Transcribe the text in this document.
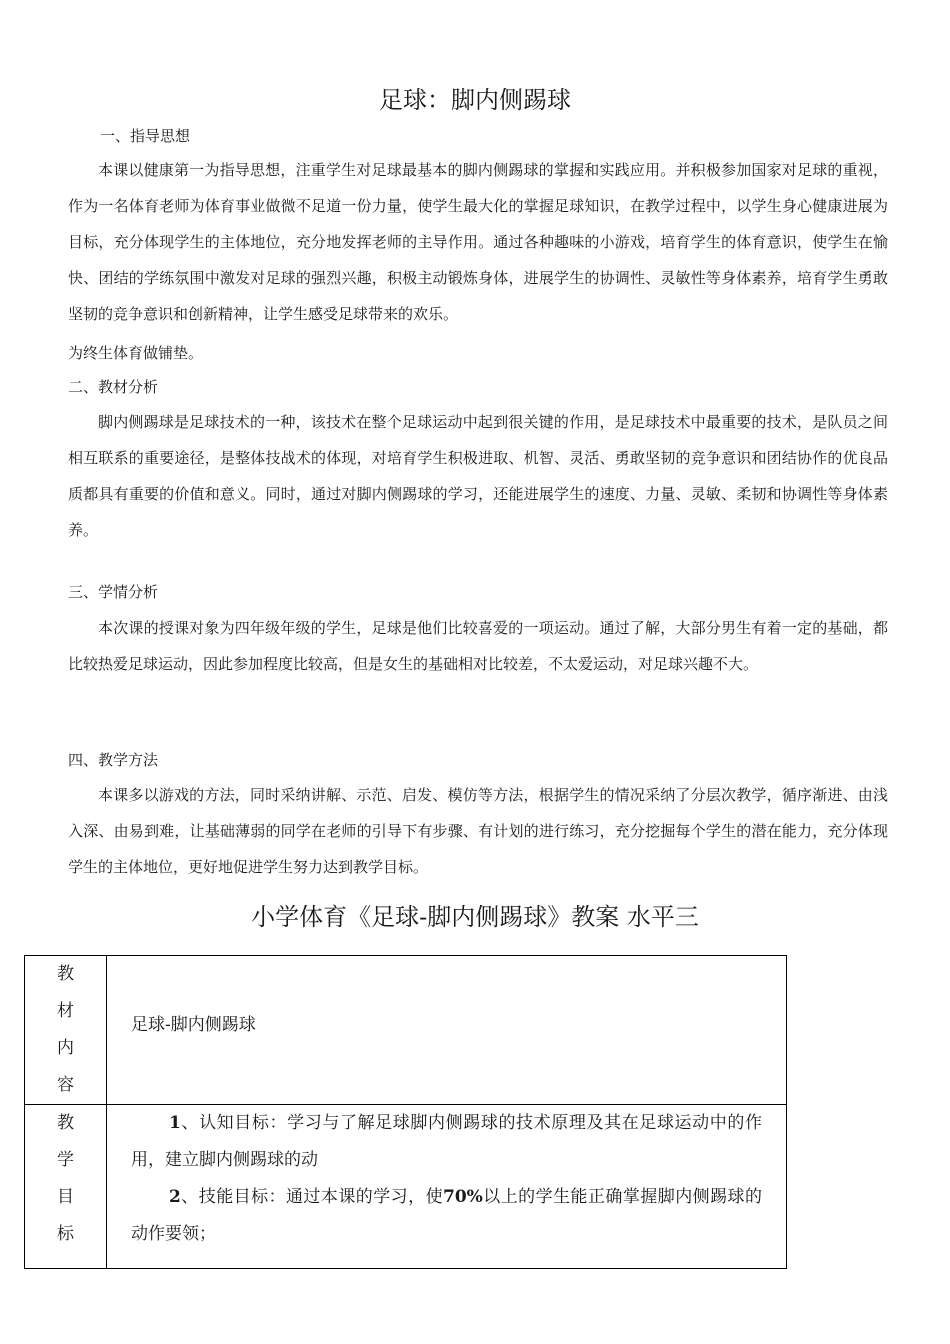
足球：脚内侧踢球
一、指导思想
本课以健康第一为指导思想，注重学生对足球最基本的脚内侧踢球的掌握和实践应用。并积极参加国家对足球的重视，作为一名体育老师为体育事业做微不足道一份力量，使学生最大化的掌握足球知识，在教学过程中，以学生身心健康进展为目标，充分体现学生的主体地位，充分地发挥老师的主导作用。通过各种趣味的小游戏，培育学生的体育意识，使学生在愉快、团结的学练氛围中激发对足球的强烈兴趣，积极主动锻炼身体，进展学生的协调性、灵敏性等身体素养，培育学生勇敢坚韧的竞争意识和创新精神，让学生感受足球带来的欢乐。
为终生体育做铺垫。
二、教材分析
脚内侧踢球是足球技术的一种，该技术在整个足球运动中起到很关键的作用，是足球技术中最重要的技术，是队员之间相互联系的重要途径，是整体技战术的体现，对培育学生积极进取、机智、灵活、勇敢坚韧的竞争意识和团结协作的优良品质都具有重要的价值和意义。同时，通过对脚内侧踢球的学习，还能进展学生的速度、力量、灵敏、柔韧和协调性等身体素养。
三、学情分析
本次课的授课对象为四年级年级的学生，足球是他们比较喜爱的一项运动。通过了解，大部分男生有着一定的基础，都比较热爱足球运动，因此参加程度比较高，但是女生的基础相对比较差，不太爱运动，对足球兴趣不大。
四、教学方法
本课多以游戏的方法，同时采纳讲解、示范、启发、模仿等方法，根据学生的情况采纳了分层次教学，循序渐进、由浅入深、由易到难，让基础薄弱的同学在老师的引导下有步骤、有计划的进行练习，充分挖掘每个学生的潜在能力，充分体现学生的主体地位，更好地促进学生努力达到教学目标。
小学体育《足球-脚内侧踢球》教案 水平三
教材内容	足球-脚内侧踢球

教学目标	1、认知目标：学习与了解足球脚内侧踢球的技术原理及其在足球运动中的作用，建立脚内侧踢球的动
2、技能目标：通过本课的学习，使70%以上的学生能正确掌握脚内侧踢球的动作要领；
